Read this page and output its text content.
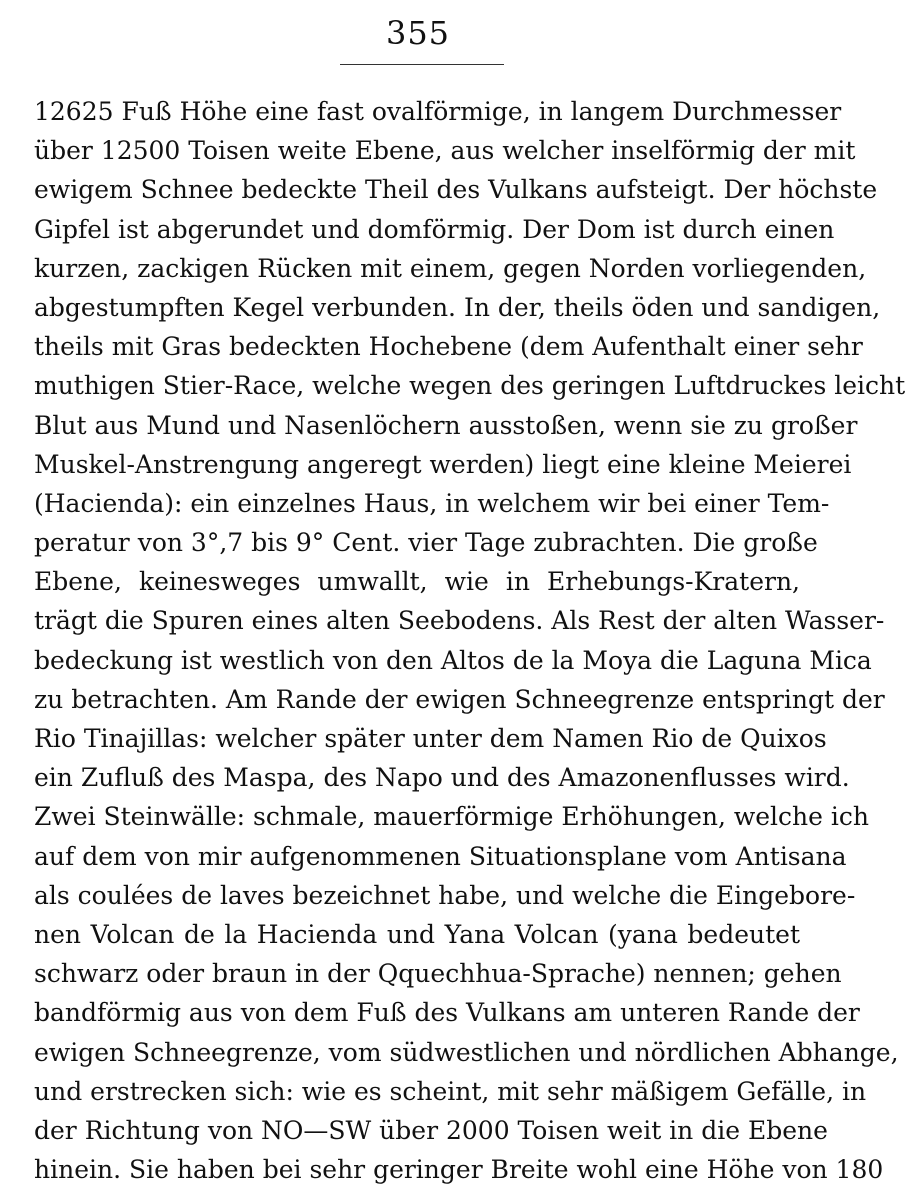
355
12625 Fuß Höhe eine fast ovalförmige, in langem Durchmesser
über 12500 Toisen weite Ebene, aus welcher inselförmig der mit
ewigem Schnee bedeckte Theil des Vulkans aufsteigt. Der höchste
Gipfel ist abgerundet und domförmig. Der Dom ist durch einen
kurzen, zackigen Rücken mit einem, gegen Norden vorliegenden,
abgestumpften Kegel verbunden. In der, theils öden und sandigen,
theils mit Gras bedeckten Hochebene (dem Aufenthalt einer sehr
muthigen Stier-Race, welche wegen des geringen Luftdruckes leicht
Blut aus Mund und Nasenlöchern ausstoßen, wenn sie zu großer
Muskel-Anstrengung angeregt werden) liegt eine kleine Meierei
(Hacienda): ein einzelnes Haus, in welchem wir bei einer Tem-
peratur von 3°,7 bis 9° Cent. vier Tage zubrachten. Die große
Ebene, keinesweges umwallt, wie in Erhebungs-Kratern,
trägt die Spuren eines alten Seebodens. Als Rest der alten Wasser-
bedeckung ist westlich von den Altos de la Moya die Laguna Mica
zu betrachten. Am Rande der ewigen Schneegrenze entspringt der
Rio Tinajillas: welcher später unter dem Namen Rio de Quixos
ein Zufluß des Maspa, des Napo und des Amazonenflusses wird.
Zwei Steinwälle: schmale, mauerförmige Erhöhungen, welche ich
auf dem von mir aufgenommenen Situationsplane vom Antisana
als coulées de laves bezeichnet habe, und welche die Eingebore-
nen Volcan de la Hacienda und Yana Volcan (yana bedeutet
schwarz oder braun in der Qquechhua-Sprache) nennen; gehen
bandförmig aus von dem Fuß des Vulkans am unteren Rande der
ewigen Schneegrenze, vom südwestlichen und nördlichen Abhange,
und erstrecken sich: wie es scheint, mit sehr mäßigem Gefälle, in
der Richtung von NO—SW über 2000 Toisen weit in die Ebene
hinein. Sie haben bei sehr geringer Breite wohl eine Höhe von 180
